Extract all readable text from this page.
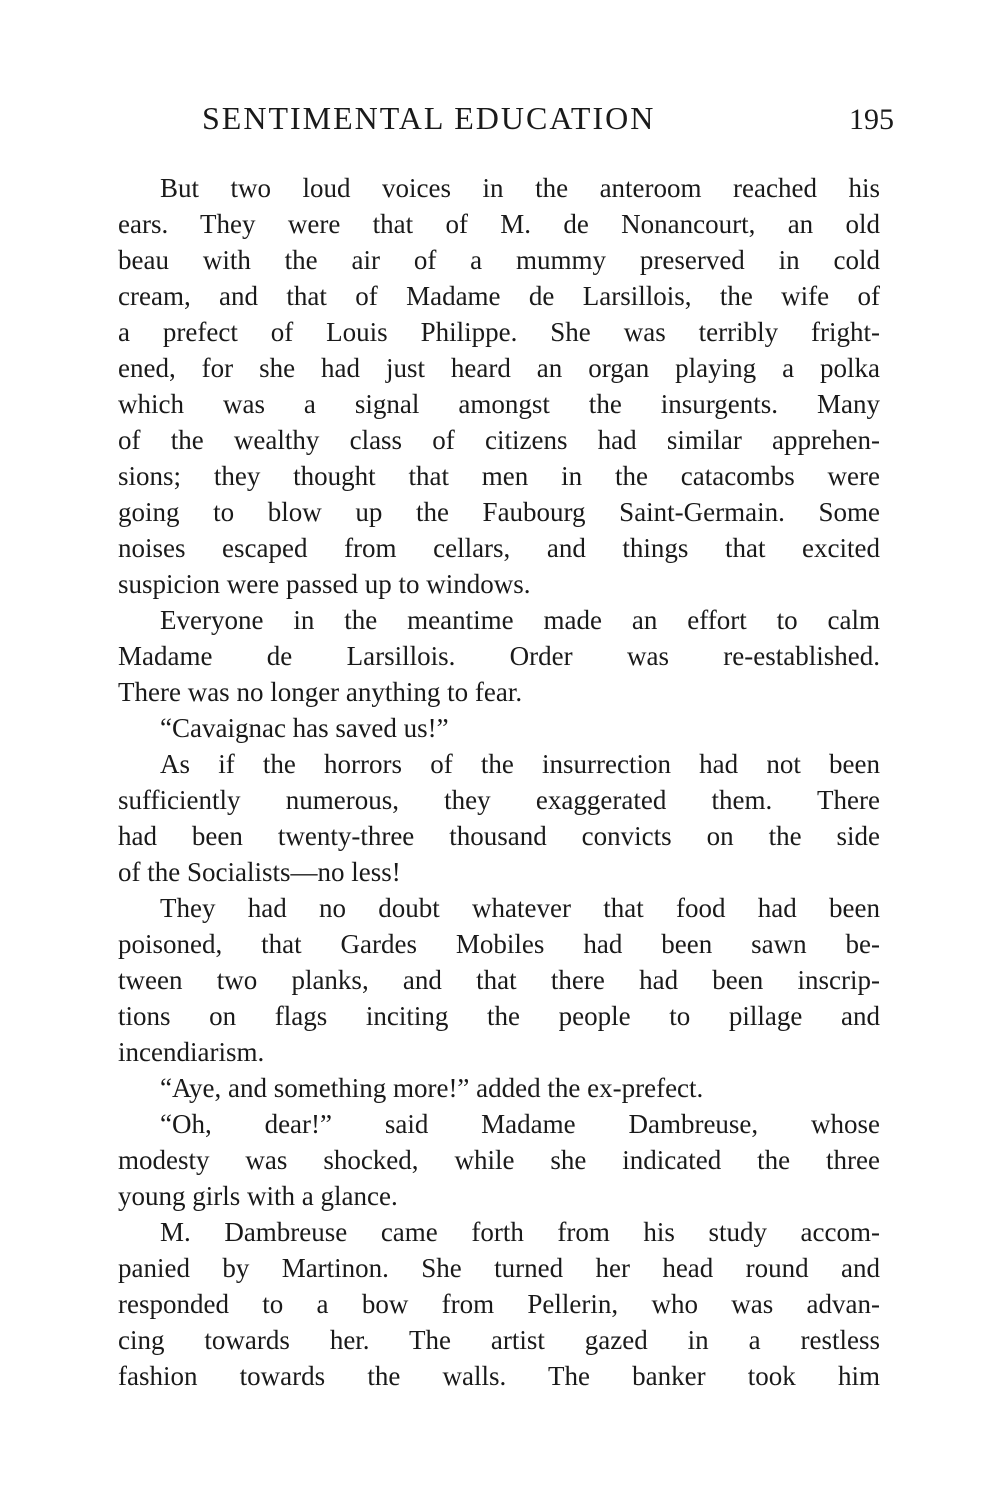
SENTIMENTAL EDUCATION	195
But two loud voices in the anteroom reached his
ears. They were that of M. de Nonancourt, an old
beau with the air of a mummy preserved in cold
cream, and that of Madame de Larsillois, the wife of
a prefect of Louis Philippe. She was terribly fright-
ened, for she had just heard an organ playing a polka
which was a signal amongst the insurgents. Many
of the wealthy class of citizens had similar apprehen-
sions; they thought that men in the catacombs were
going to blow up the Faubourg Saint-Germain. Some
noises escaped from cellars, and things that excited
suspicion were passed up to windows.
Everyone in the meantime made an effort to calm
Madame de Larsillois. Order was re-established.
There was no longer anything to fear.
“Cavaignac has saved us!”
As if the horrors of the insurrection had not been
sufficiently numerous, they exaggerated them. There
had been twenty-three thousand convicts on the side
of the Socialists—no less!
They had no doubt whatever that food had been
poisoned, that Gardes Mobiles had been sawn be-
tween two planks, and that there had been inscrip-
tions on flags inciting the people to pillage and
incendiarism.
“Aye, and something more!” added the ex-prefect.
“Oh, dear!” said Madame Dambreuse, whose
modesty was shocked, while she indicated the three
young girls with a glance.
M. Dambreuse came forth from his study accom-
panied by Martinon. She turned her head round and
responded to a bow from Pellerin, who was advan-
cing towards her. The artist gazed in a restless
fashion towards the walls. The banker took him
